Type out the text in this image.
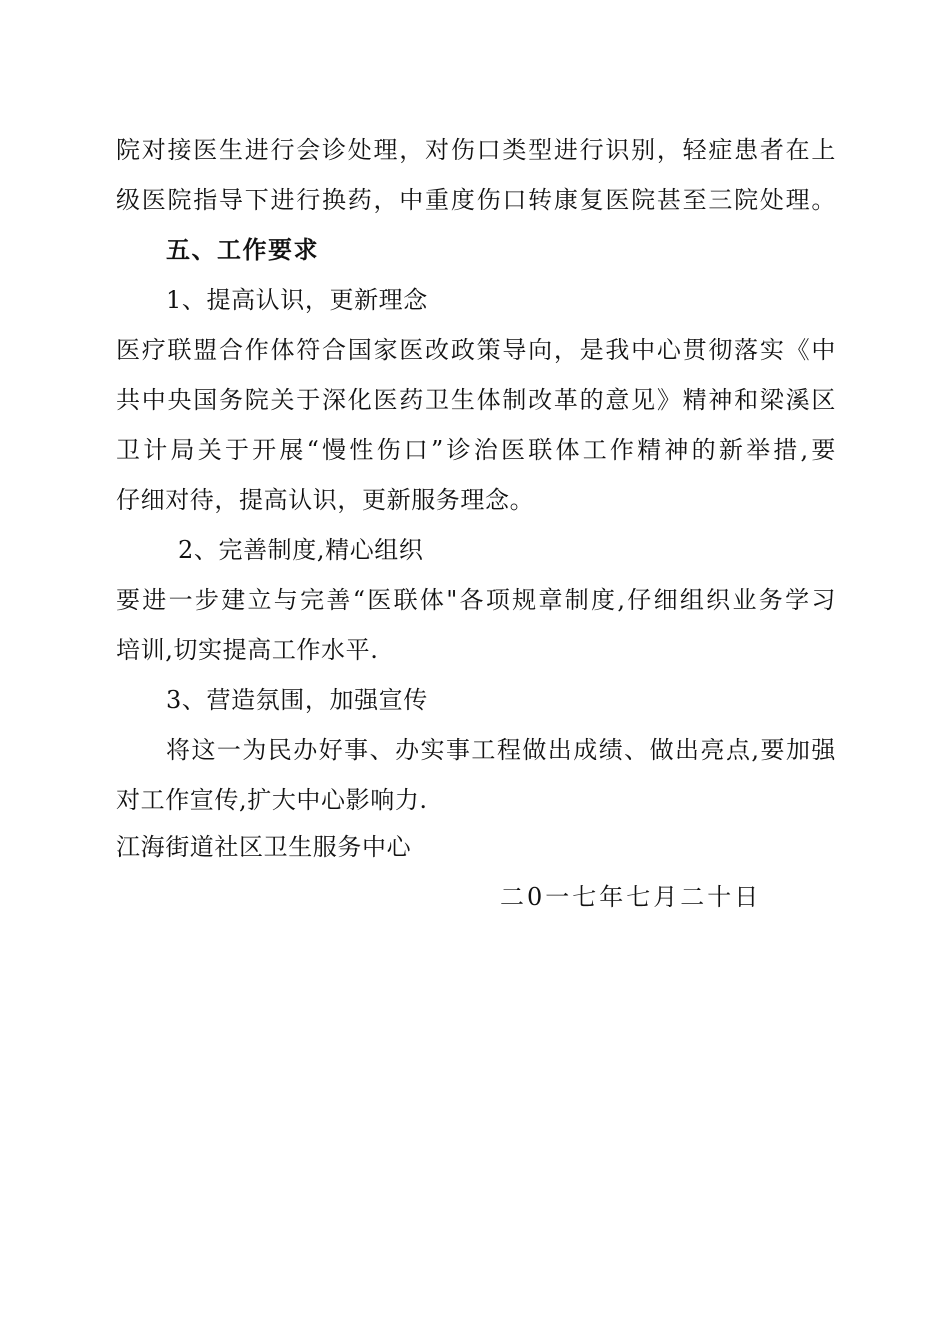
院对接医生进行会诊处理，对伤口类型进行识别，轻症患者在上
级医院指导下进行换药，中重度伤口转康复医院甚至三院处理。
五、工作要求
1、提高认识，更新理念
医疗联盟合作体符合国家医改政策导向，是我中心贯彻落实《中
共中央国务院关于深化医药卫生体制改革的意见》精神和梁溪区
卫计局关于开展“慢性伤口”诊治医联体工作精神的新举措,要
仔细对待，提高认识，更新服务理念。
2、完善制度,精心组织
要进一步建立与完善“医联体"各项规章制度,仔细组织业务学习
培训,切实提高工作水平.
3、营造氛围，加强宣传
将这一为民办好事、办实事工程做出成绩、做出亮点,要加强
对工作宣传,扩大中心影响力.
江海街道社区卫生服务中心
二0一七年七月二十日
